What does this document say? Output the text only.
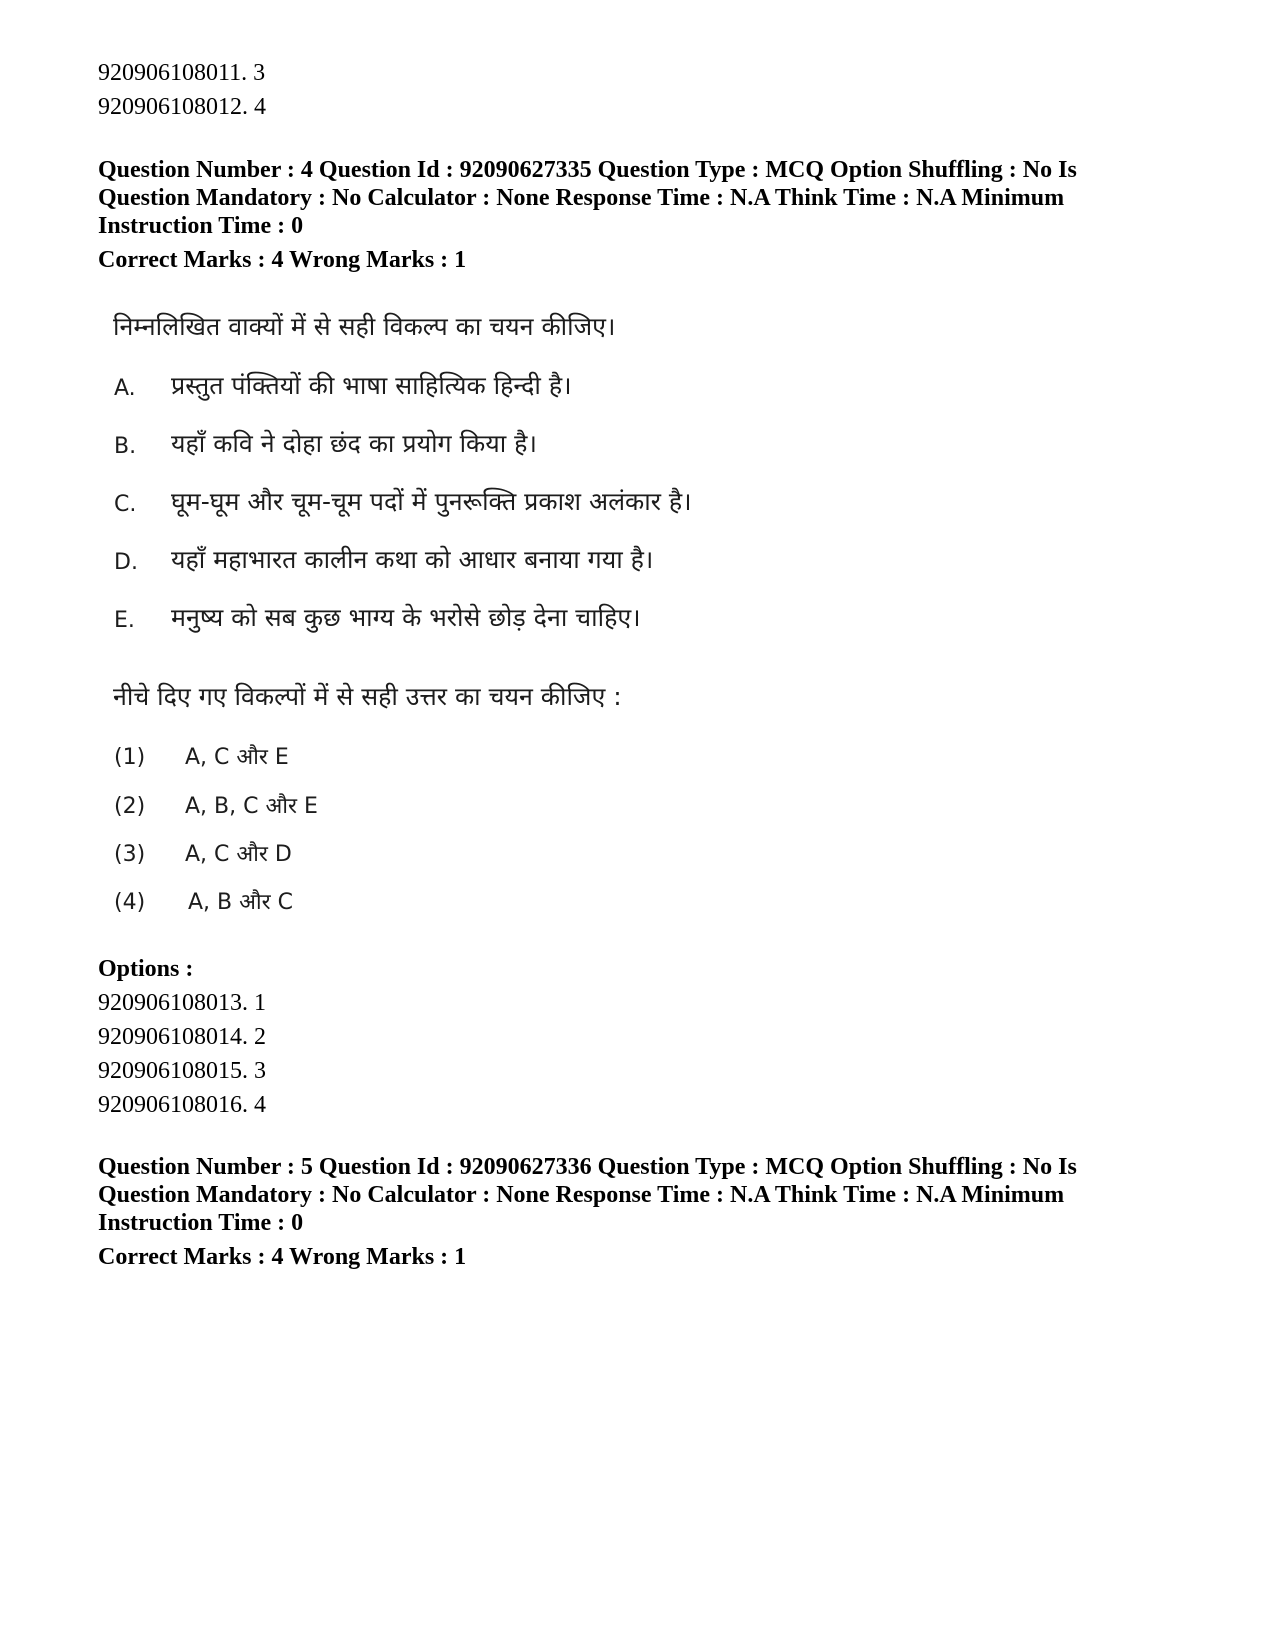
920906108011. 3
920906108012. 4
Question Number : 4 Question Id : 92090627335 Question Type : MCQ Option Shuffling : No Is
Question Mandatory : No Calculator : None Response Time : N.A Think Time : N.A Minimum
Instruction Time : 0
Correct Marks : 4 Wrong Marks : 1
निम्नलिखित वाक्यों में से सही विकल्प का चयन कीजिए।
A. प्रस्तुत पंक्तियों की भाषा साहित्यिक हिन्दी है।
B. यहाँ कवि ने दोहा छंद का प्रयोग किया है।
C. घूम-घूम और चूम-चूम पदों में पुनरूक्ति प्रकाश अलंकार है।
D. यहाँ महाभारत कालीन कथा को आधार बनाया गया है।
E. मनुष्य को सब कुछ भाग्य के भरोसे छोड़ देना चाहिए।
नीचे दिए गए विकल्पों में से सही उत्तर का चयन कीजिए :
(1) A, C और E
(2) A, B, C और E
(3) A, C और D
(4) A, B और C
Options :
920906108013. 1
920906108014. 2
920906108015. 3
920906108016. 4
Question Number : 5 Question Id : 92090627336 Question Type : MCQ Option Shuffling : No Is
Question Mandatory : No Calculator : None Response Time : N.A Think Time : N.A Minimum
Instruction Time : 0
Correct Marks : 4 Wrong Marks : 1
